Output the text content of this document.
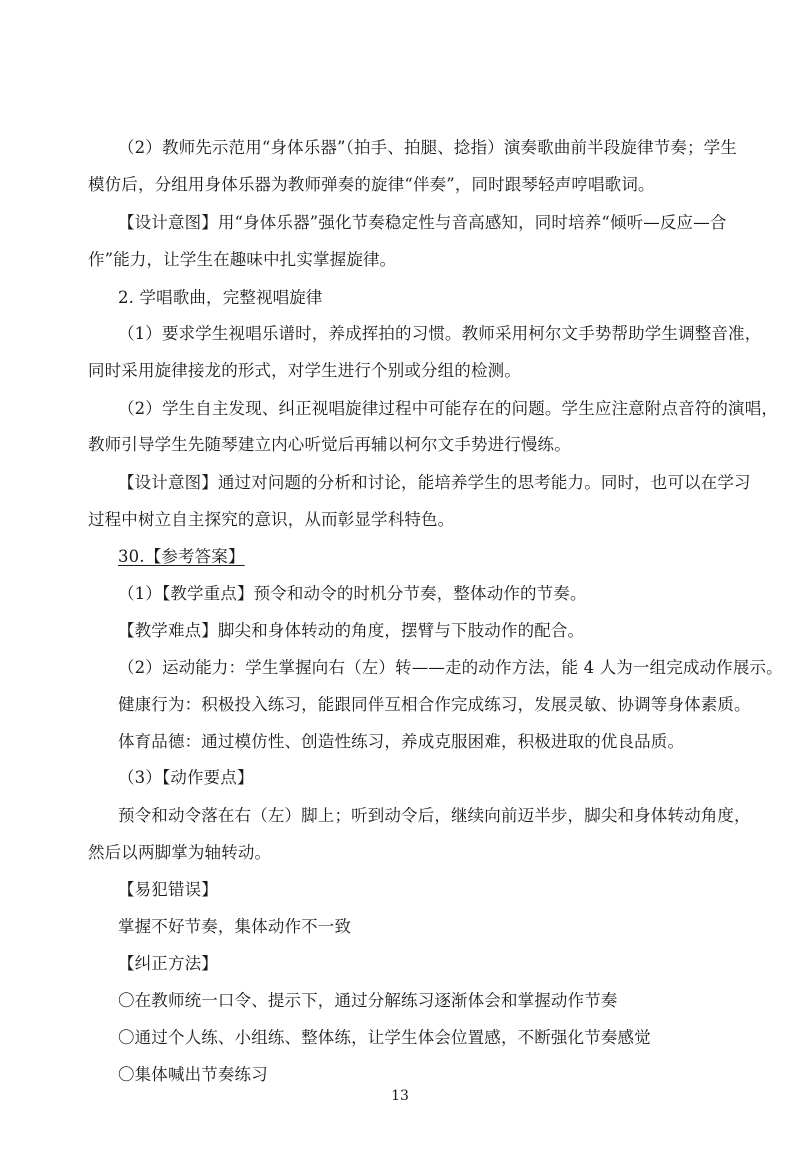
（2）教师先示范用“身体乐器”（拍手、拍腿、捻指）演奏歌曲前半段旋律节奏；学生
模仿后，分组用身体乐器为教师弹奏的旋律“伴奏”，同时跟琴轻声哼唱歌词。
【设计意图】用“身体乐器”强化节奏稳定性与音高感知，同时培养“倾听—反应—合
作”能力，让学生在趣味中扎实掌握旋律。
2. 学唱歌曲，完整视唱旋律
（1）要求学生视唱乐谱时，养成挥拍的习惯。教师采用柯尔文手势帮助学生调整音准，
同时采用旋律接龙的形式，对学生进行个别或分组的检测。
（2）学生自主发现、纠正视唱旋律过程中可能存在的问题。学生应注意附点音符的演唱，
教师引导学生先随琴建立内心听觉后再辅以柯尔文手势进行慢练。
【设计意图】通过对问题的分析和讨论，能培养学生的思考能力。同时，也可以在学习
过程中树立自主探究的意识，从而彰显学科特色。
30.【参考答案】
（1）【教学重点】预令和动令的时机分节奏，整体动作的节奏。
【教学难点】脚尖和身体转动的角度，摆臂与下肢动作的配合。
（2）运动能力：学生掌握向右（左）转——走的动作方法，能 4 人为一组完成动作展示。
健康行为：积极投入练习，能跟同伴互相合作完成练习，发展灵敏、协调等身体素质。
体育品德：通过模仿性、创造性练习，养成克服困难，积极进取的优良品质。
（3）【动作要点】
预令和动令落在右（左）脚上；听到动令后，继续向前迈半步，脚尖和身体转动角度，
然后以两脚掌为轴转动。
【易犯错误】
掌握不好节奏，集体动作不一致
【纠正方法】
〇在教师统一口令、提示下，通过分解练习逐渐体会和掌握动作节奏
〇通过个人练、小组练、整体练，让学生体会位置感，不断强化节奏感觉
〇集体喊出节奏练习
13
